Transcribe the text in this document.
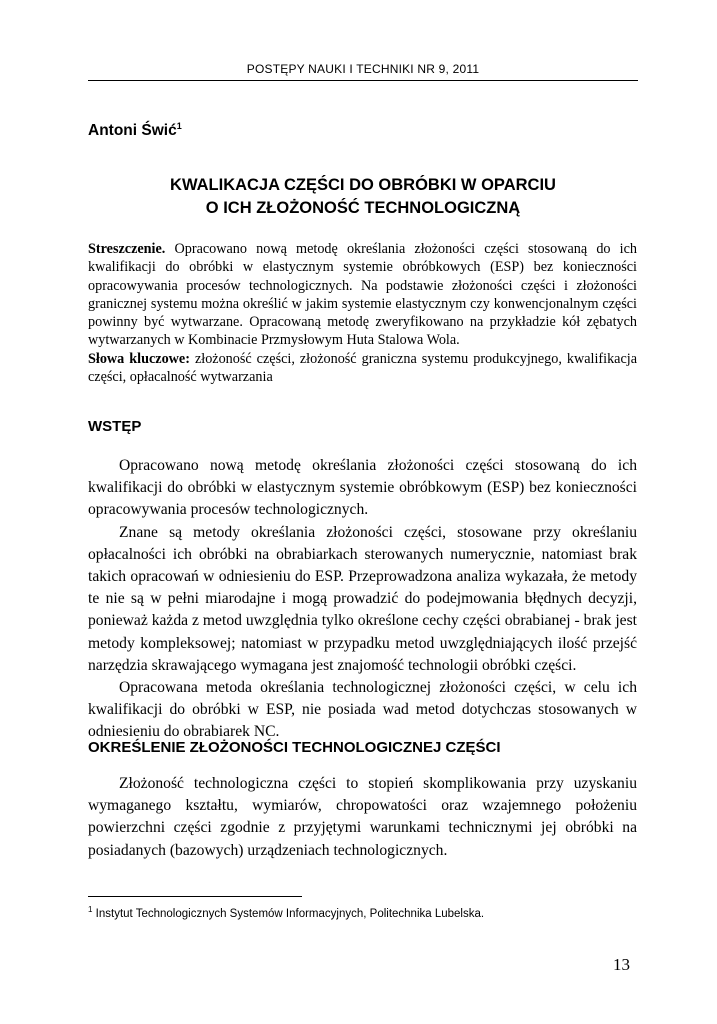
POSTĘPY NAUKI I TECHNIKI NR 9, 2011
Antoni Świć$^1$
KWALIKACJA CZĘŚCI DO OBRÓBKI W OPARCIU
O ICH ZŁOŻONOŚĆ TECHNOLOGICZNĄ

Streszczenie. Opracowano nową metodę określania złożoności części stosowaną do ich kwalifikacji do obróbki w elastycznym systemie obróbkowych (ESP) bez konieczności opracowywania procesów technologicznych. Na podstawie złożoności części i złożoności granicznej systemu można określić w jakim systemie elastycznym czy konwencjonalnym części powinny być wytwarzane. Opracowaną metodę zweryfikowano na przykładzie kół zębatych wytwarzanych w Kombinacie Przmysłowym Huta Stalowa Wola.

Słowa kluczowe: złożoność części, złożoność graniczna systemu produkcyjnego, kwalifikacja części, opłacalność wytwarzania

WSTĘP

Opracowano nową metodę określania złożoności części stosowaną do ich kwalifikacji do obróbki w elastycznym systemie obróbkowym (ESP) bez konieczności opracowywania procesów technologicznych.

Znane są metody określania złożoności części, stosowane przy określaniu opłacalności ich obróbki na obrabiarkach sterowanych numerycznie, natomiast brak takich opracowań w odniesieniu do ESP. Przeprowadzona analiza wykazała, że metody te nie są w pełni miarodajne i mogą prowadzić do podejmowania błędnych decyzji, ponieważ każda z metod uwzględnia tylko określone cechy części obrabianej - brak jest metody kompleksowej; natomiast w przypadku metod uwzględniających ilość przejść narzędzia skrawającego wymagana jest znajomość technologii obróbki części.

Opracowana metoda określania technologicznej złożoności części, w celu ich kwalifikacji do obróbki w ESP, nie posiada wad metod dotychczas stosowanych w odniesieniu do obrabiarek NC.

OKREŚLENIE ZŁOŻONOŚCI TECHNOLOGICZNEJ CZĘŚCI

Złożoność technologiczna części to stopień skomplikowania przy uzyskaniu wymaganego kształtu, wymiarów, chropowatości oraz wzajemnego położeniu powierzchni części zgodnie z przyjętymi warunkami technicznymi jej obróbki na posiadanych (bazowych) urządzeniach technologicznych.

$^1$ Instytut Technologicznych Systemów Informacyjnych, Politechnika Lubelska.
13
